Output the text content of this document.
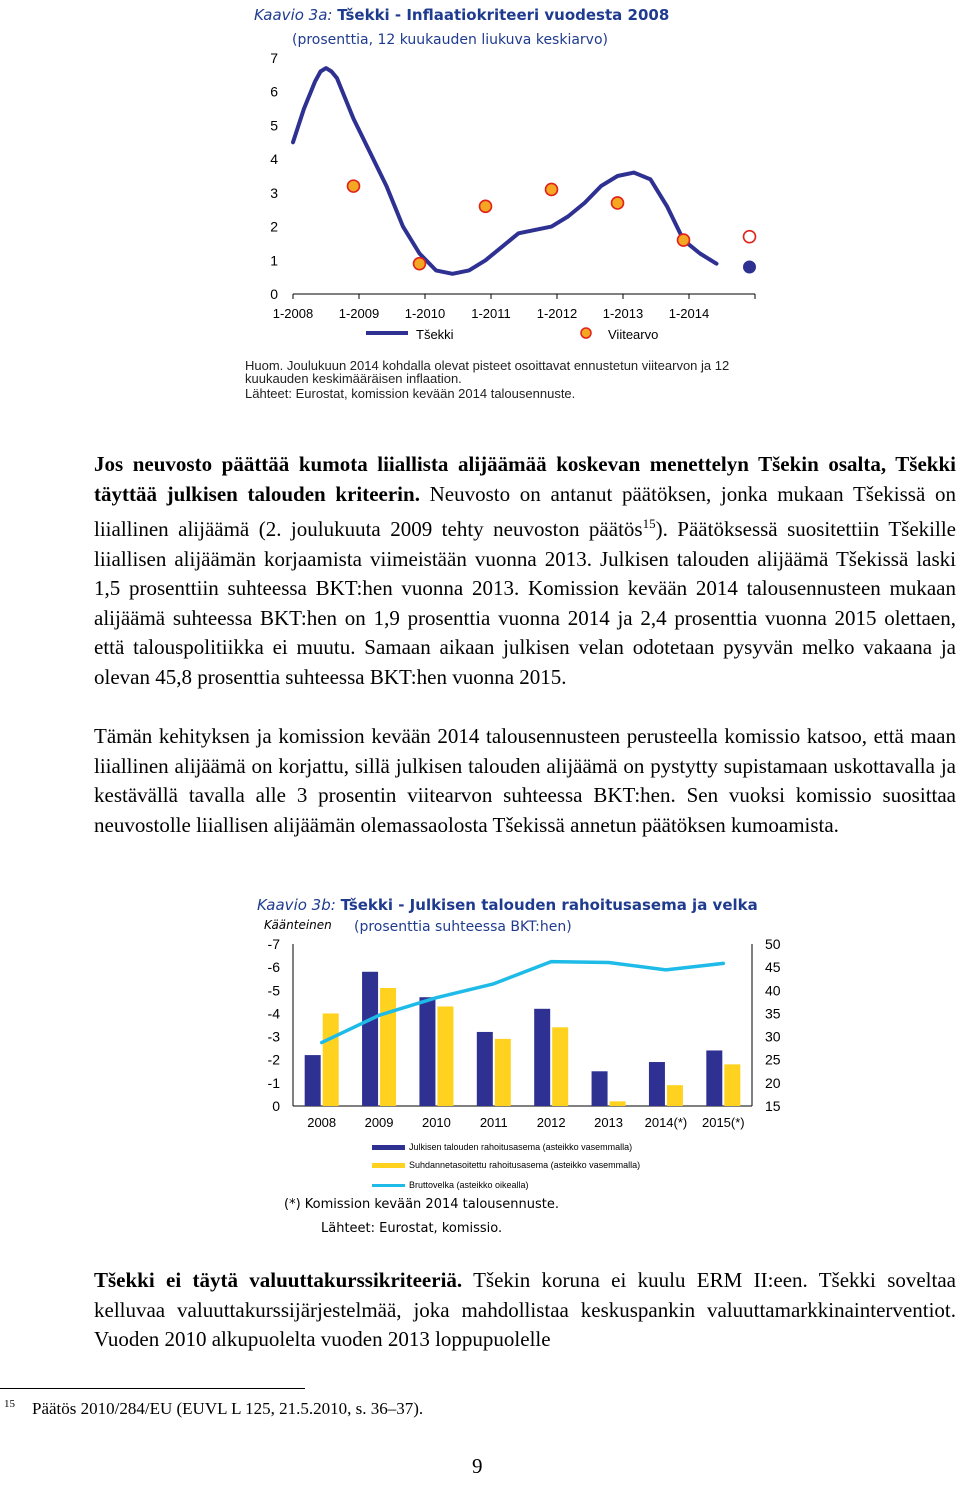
Kaavio 3a: Tšekki - Inflaatiokriteeri vuodesta 2008
(prosenttia, 12 kuukauden liukuva keskiarvo)
0
1
2
3
4
5
6
7
1-2008 1-2009 1-2010 1-2011 1-2012 1-2013 1-2014
Tšekki	Viitearvo
Huom. Joulukuun 2014 kohdalla olevat pisteet osoittavat ennustetun viitearvon ja 12 kuukauden keskimääräisen inflaation.
Lähteet: Eurostat, komission kevään 2014 talousennuste.

Jos neuvosto päättää kumota liiallista alijäämää koskevan menettelyn Tšekin osalta, Tšekki täyttää julkisen talouden kriteerin. Neuvosto on antanut päätöksen, jonka mukaan Tšekissä on liiallinen alijäämä (2. joulukuuta 2009 tehty neuvoston päätös$^{15}$). Päätöksessä suositettiin Tšekille liiallisen alijäämän korjaamista viimeistään vuonna 2013. Julkisen talouden alijäämä Tšekissä laski 1,5 prosenttiin suhteessa BKT:hen vuonna 2013. Komission kevään 2014 talousennusteen mukaan alijäämä suhteessa BKT:hen on 1,9 prosenttia vuonna 2014 ja 2,4 prosenttia vuonna 2015 olettaen, että talouspolitiikka ei muutu. Samaan aikaan julkisen velan odotetaan pysyvän melko vakaana ja olevan 45,8 prosenttia suhteessa BKT:hen vuonna 2015.

Tämän kehityksen ja komission kevään 2014 talousennusteen perusteella komissio katsoo, että maan liiallinen alijäämä on korjattu, sillä julkisen talouden alijäämä on pystytty supistamaan uskottavalla ja kestävällä tavalla alle 3 prosentin viitearvon suhteessa BKT:hen. Sen vuoksi komissio suosittaa neuvostolle liiallisen alijäämän olemassaolosta Tšekissä annetun päätöksen kumoamista.

Kaavio 3b: Tšekki - Julkisen talouden rahoitusasema ja velka
Käänteinen (prosenttia suhteessa BKT:hen)
-7
-6
-5
-4
-3
-2
-1
0
50
45
40
35
30
25
20
15
2008 2009 2010 2011 2012 2013 2014(*) 2015(*)
Julkisen talouden rahoitusasema (asteikko vasemmalla)
Suhdannetasoitettu rahoitusasema (asteikko vasemmalla)
Bruttovelka (asteikko oikealla)
(*) Komission kevään 2014 talousennuste.
Lähteet: Eurostat, komissio.

Tšekki ei täytä valuuttakurssikriteeriä. Tšekin koruna ei kuulu ERM II:een. Tšekki soveltaa kelluvaa valuuttakurssijärjestelmää, joka mahdollistaa keskuspankin valuuttamarkkinainterventiot. Vuoden 2010 alkupuolelta vuoden 2013 loppupuolelle

$^{15}$ Päätös 2010/284/EU (EUVL L 125, 21.5.2010, s. 36–37).
9
